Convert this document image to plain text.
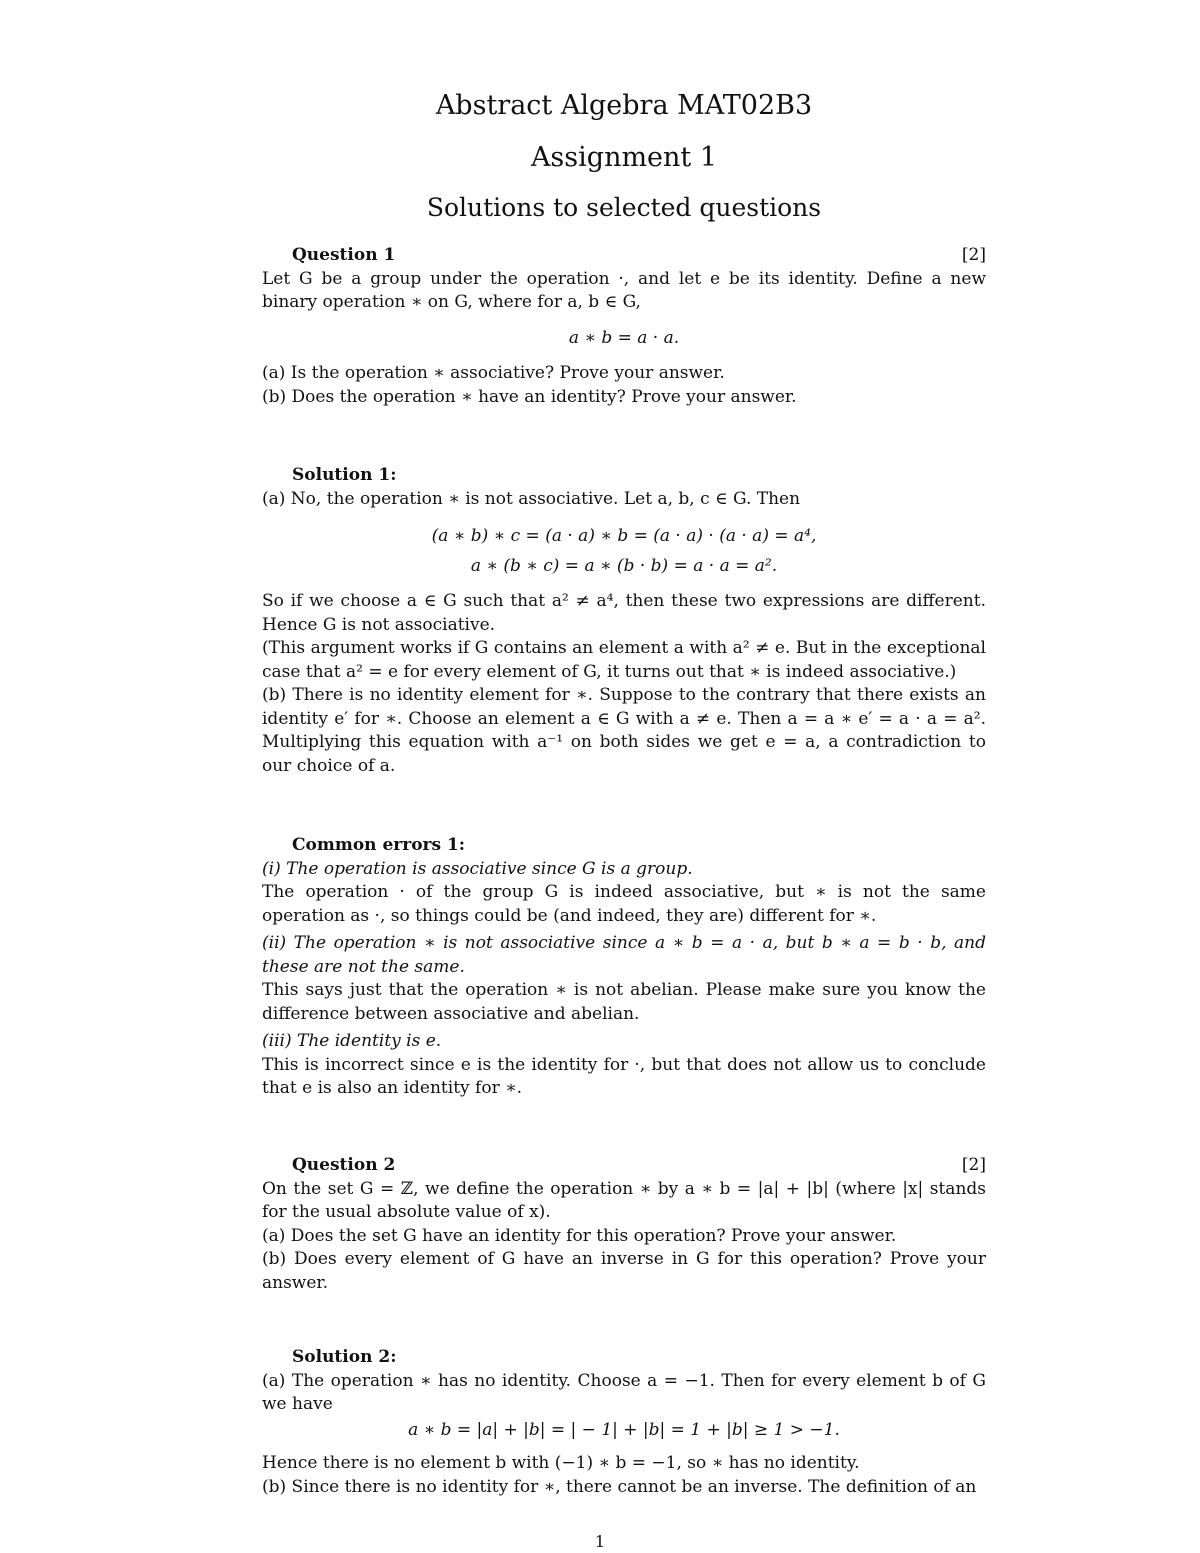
Abstract Algebra MAT02B3
Assignment 1
Solutions to selected questions
Question 1	[2]

Let G be a group under the operation ·, and let e be its identity. Define a new binary operation ∗ on G, where for a, b ∈ G,

a ∗ b = a · a.

(a) Is the operation ∗ associative? Prove your answer.

(b) Does the operation ∗ have an identity? Prove your answer.

Solution 1:

(a) No, the operation ∗ is not associative. Let a, b, c ∈ G. Then

(a ∗ b) ∗ c = (a · a) ∗ b = (a · a) · (a · a) = a⁴,
a ∗ (b ∗ c) = a ∗ (b · b) = a · a = a².

So if we choose a ∈ G such that a² ≠ a⁴, then these two expressions are different. Hence G is not associative.

(This argument works if G contains an element a with a² ≠ e. But in the exceptional case that a² = e for every element of G, it turns out that ∗ is indeed associative.)

(b) There is no identity element for ∗. Suppose to the contrary that there exists an identity e′ for ∗. Choose an element a ∈ G with a ≠ e. Then a = a ∗ e′ = a · a = a². Multiplying this equation with a⁻¹ on both sides we get e = a, a contradiction to our choice of a.

Common errors 1:

(i) The operation is associative since G is a group.

The operation · of the group G is indeed associative, but ∗ is not the same operation as ·, so things could be (and indeed, they are) different for ∗.

(ii) The operation ∗ is not associative since a ∗ b = a · a, but b ∗ a = b · b, and these are not the same.

This says just that the operation ∗ is not abelian. Please make sure you know the difference between associative and abelian.

(iii) The identity is e.

This is incorrect since e is the identity for ·, but that does not allow us to conclude that e is also an identity for ∗.

Question 2	[2]

On the set G = ℤ, we define the operation ∗ by a ∗ b = |a| + |b| (where |x| stands for the usual absolute value of x).

(a) Does the set G have an identity for this operation? Prove your answer.

(b) Does every element of G have an inverse in G for this operation? Prove your answer.

Solution 2:

(a) The operation ∗ has no identity. Choose a = −1. Then for every element b of G we have

a ∗ b = |a| + |b| = | − 1| + |b| = 1 + |b| ≥ 1 > −1.

Hence there is no element b with (−1) ∗ b = −1, so ∗ has no identity.

(b) Since there is no identity for ∗, there cannot be an inverse. The definition of an

1
